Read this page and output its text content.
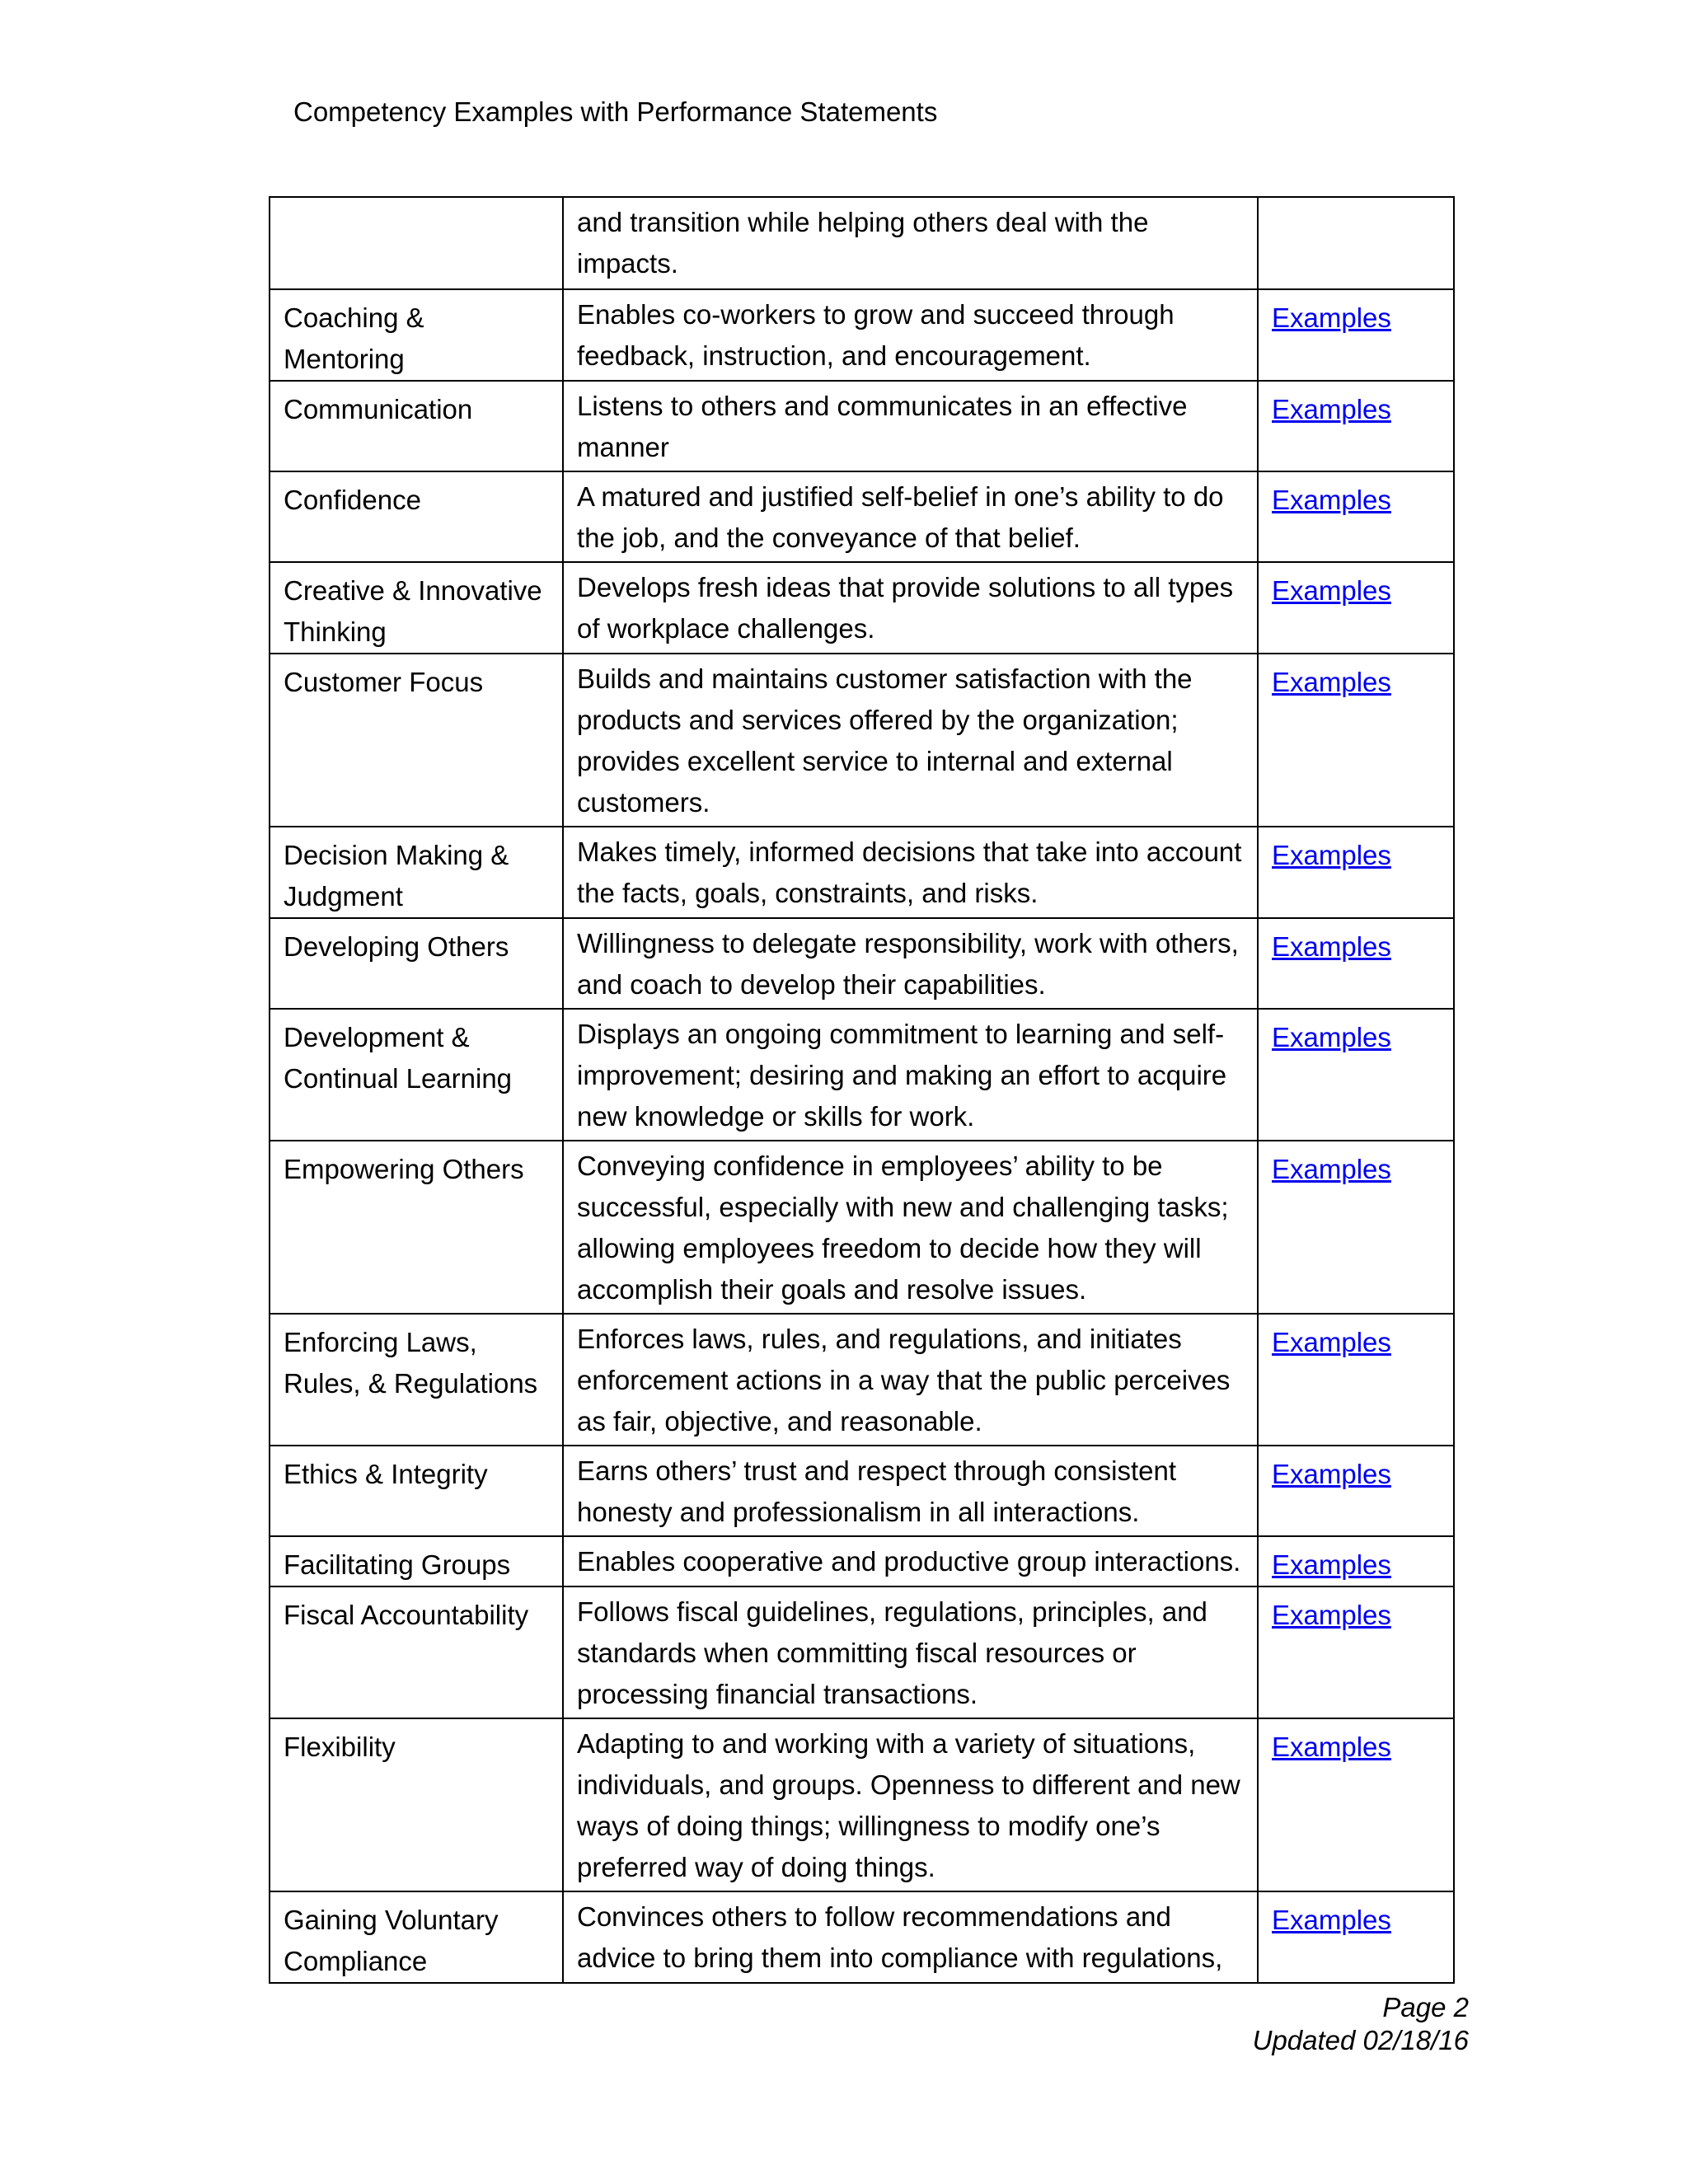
Competency Examples with Performance Statements

	and transition while helping others deal with the impacts.	

Coaching & Mentoring	Enables co-workers to grow and succeed through feedback, instruction, and encouragement.	Examples
Communication	Listens to others and communicates in an effective manner	Examples
Confidence	A matured and justified self-belief in one’s ability to do the job, and the conveyance of that belief.	Examples
Creative & Innovative Thinking	Develops fresh ideas that provide solutions to all types of workplace challenges.	Examples
Customer Focus	Builds and maintains customer satisfaction with the products and services offered by the organization; provides excellent service to internal and external customers.	Examples
Decision Making & Judgment	Makes timely, informed decisions that take into account the facts, goals, constraints, and risks.	Examples
Developing Others	Willingness to delegate responsibility, work with others, and coach to develop their capabilities.	Examples
Development & Continual Learning	Displays an ongoing commitment to learning and self-improvement; desiring and making an effort to acquire new knowledge or skills for work.	Examples
Empowering Others	Conveying confidence in employees’ ability to be successful, especially with new and challenging tasks; allowing employees freedom to decide how they will accomplish their goals and resolve issues.	Examples
Enforcing Laws, Rules, & Regulations	Enforces laws, rules, and regulations, and initiates enforcement actions in a way that the public perceives as fair, objective, and reasonable.	Examples
Ethics & Integrity	Earns others’ trust and respect through consistent honesty and professionalism in all interactions.	Examples
Facilitating Groups	Enables cooperative and productive group interactions.	Examples
Fiscal Accountability	Follows fiscal guidelines, regulations, principles, and standards when committing fiscal resources or processing financial transactions.	Examples
Flexibility	Adapting to and working with a variety of situations, individuals, and groups. Openness to different and new ways of doing things; willingness to modify one’s preferred way of doing things.	Examples
Gaining Voluntary Compliance	Convinces others to follow recommendations and advice to bring them into compliance with regulations,	Examples
Page 2
Updated 02/18/16
